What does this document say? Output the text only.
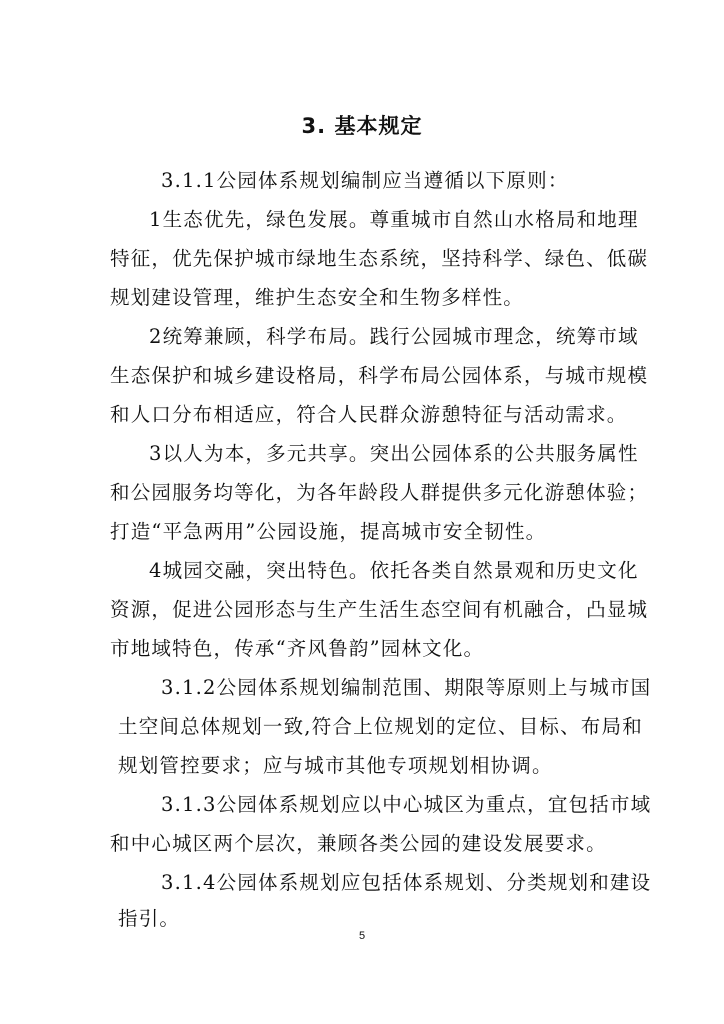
3. 基本规定
3.1.1公园体系规划编制应当遵循以下原则：
1生态优先，绿色发展。尊重城市自然山水格局和地理
特征，优先保护城市绿地生态系统，坚持科学、绿色、低碳
规划建设管理，维护生态安全和生物多样性。
2统筹兼顾，科学布局。践行公园城市理念，统筹市域
生态保护和城乡建设格局，科学布局公园体系，与城市规模
和人口分布相适应，符合人民群众游憩特征与活动需求。
3以人为本，多元共享。突出公园体系的公共服务属性
和公园服务均等化，为各年龄段人群提供多元化游憩体验；
打造“平急两用”公园设施，提高城市安全韧性。
4城园交融，突出特色。依托各类自然景观和历史文化
资源，促进公园形态与生产生活生态空间有机融合，凸显城
市地域特色，传承“齐风鲁韵”园林文化。
3.1.2公园体系规划编制范围、期限等原则上与城市国
土空间总体规划一致,符合上位规划的定位、目标、布局和
规划管控要求；应与城市其他专项规划相协调。
3.1.3公园体系规划应以中心城区为重点，宜包括市域
和中心城区两个层次，兼顾各类公园的建设发展要求。
3.1.4公园体系规划应包括体系规划、分类规划和建设
指引。
5
